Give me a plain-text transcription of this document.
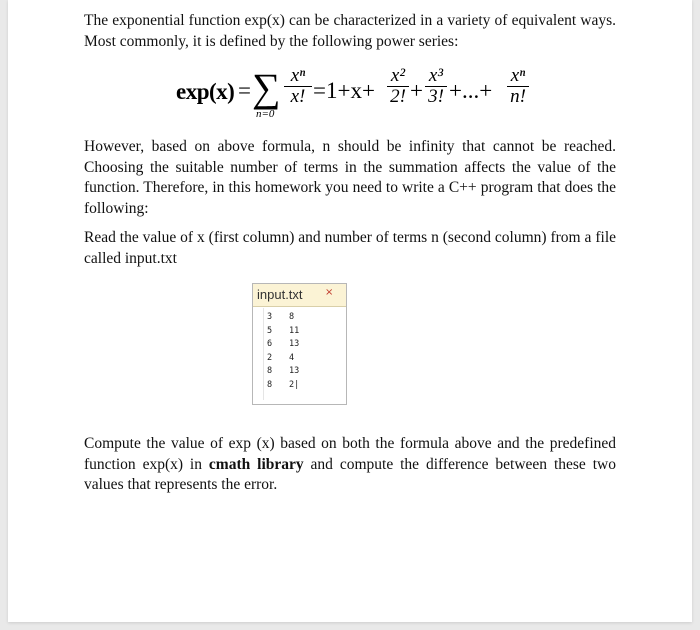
The exponential function exp(x) can be characterized in a variety of equivalent ways. Most commonly, it is defined by the following power series:

exp(x) = ∑
n=0
$\frac{\text{xⁿ}}{x!} =1+x+ \frac{\text{x²}}{2!} + \frac{\text{x³}}{3!}$ +...+ $\frac{\text{xⁿ}}{n!}$

However, based on above formula, n should be infinity that cannot be reached. Choosing the suitable number of terms in the summation affects the value of the function. Therefore, in this homework you need to write a C++ program that does the following:

Read the value of x (first column) and number of terms n (second column) from a file called input.txt

input.txt ×
3	8
5	11
6	13
2	4
8	13
8	2|

Compute the value of exp (x) based on both the formula above and the predefined function exp(x) in cmath library and compute the difference between these two values that represents the error.
